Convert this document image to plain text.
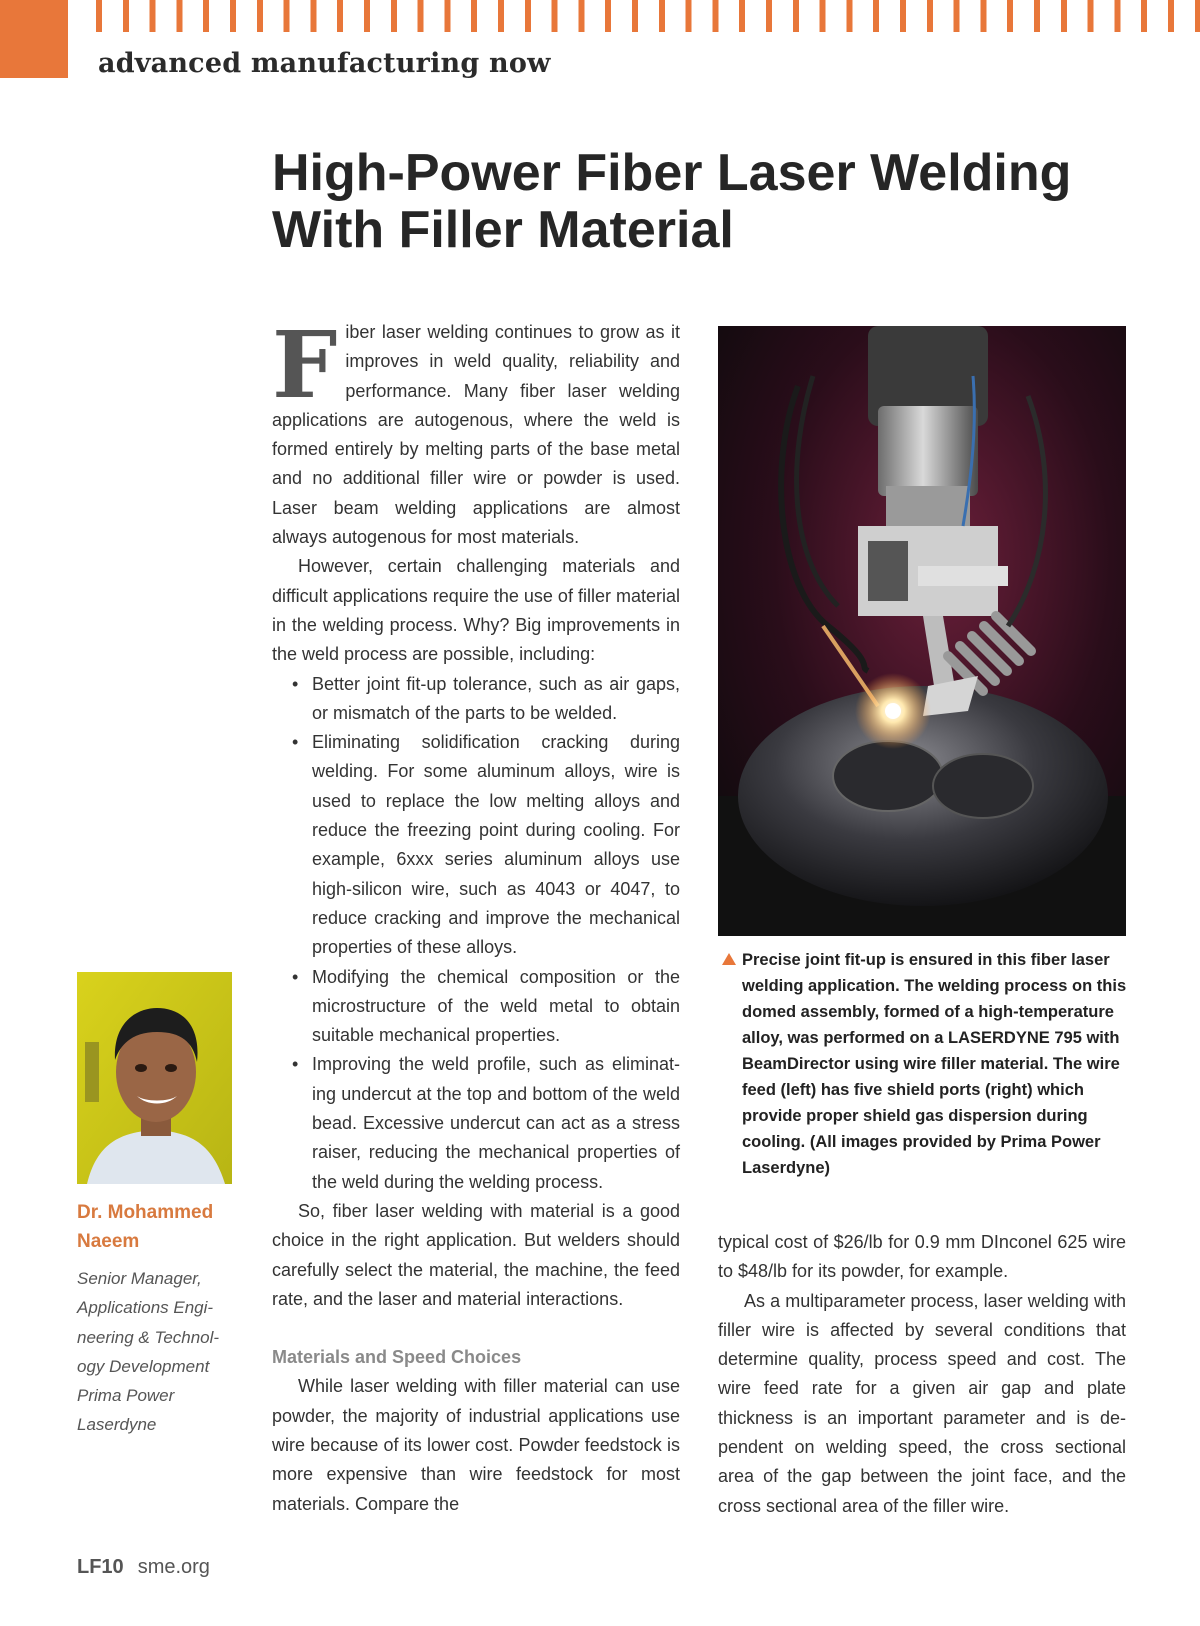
advanced manufacturing now
High-Power Fiber Laser Welding
With Filler Material

Fiber laser welding continues to grow as it improves in weld quality, reliability and performance. Many fiber laser welding applications are autogenous, where the weld is formed entirely by melting parts of the base metal and no additional filler wire or powder is used. Laser beam welding applications are almost always autogenous for most materials.

However, certain challenging materials and difficult applications require the use of filler material in the welding process. Why? Big improvements in the weld process are possible, including:

• Better joint fit-up tolerance, such as air gaps, or mismatch of the parts to be welded.
• Eliminating solidification cracking during welding. For some aluminum alloys, wire is used to replace the low melting alloys and reduce the freezing point during cooling. For example, 6xxx series aluminum alloys use high-silicon wire, such as 4043 or 4047, to reduce cracking and improve the mechanical properties of these alloys.
• Modifying the chemical composition or the microstructure of the weld metal to obtain suitable mechanical properties.
• Improving the weld profile, such as eliminating undercut at the top and bottom of the weld bead. Excessive undercut can act as a stress raiser, reducing the mechanical properties of the weld during the welding process.

So, fiber laser welding with material is a good choice in the right application. But welders should carefully select the material, the machine, the feed rate, and the laser and material interactions.

Materials and Speed Choices

While laser welding with filler material can use powder, the majority of industrial applications use wire because of its lower cost. Powder feedstock is more expensive than wire feedstock for most materials. Compare the

Precise joint fit-up is ensured in this fiber laser welding application. The welding process on this domed assembly, formed of a high-temperature alloy, was performed on a LASERDYNE 795 with BeamDirector using wire filler material. The wire feed (left) has five shield ports (right) which provide proper shield gas dispersion during cooling. (All images provided by Prima Power Laserdyne)

typical cost of $26/lb for 0.9 mm DInconel 625 wire to $48/lb for its powder, for example.

As a multiparameter process, laser welding with filler wire is affected by several conditions that determine quality, process speed and cost. The wire feed rate for a given air gap and plate thickness is an important parameter and is dependent on welding speed, the cross sectional area of the gap between the joint face, and the cross sectional area of the filler wire.

Dr. Mohammed Naeem
Senior Manager,
Applications Engi-
neering & Technol-
ogy Development
Prima Power
Laserdyne
LF10 sme.org
